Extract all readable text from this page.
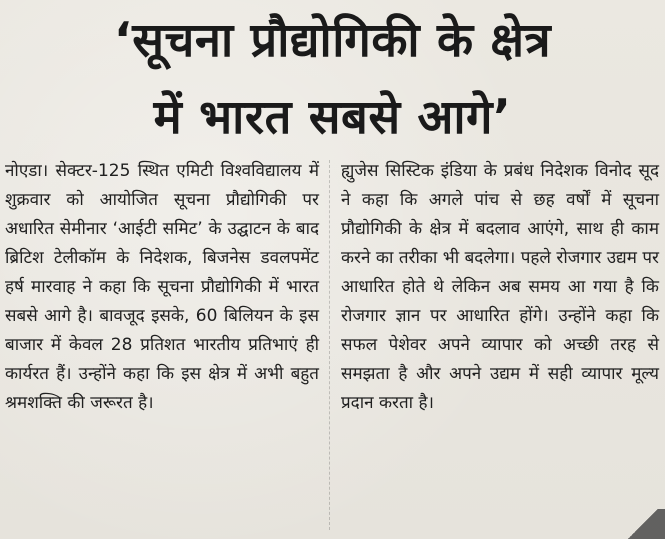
‘सूचना प्रौद्योगिकी के क्षेत्र
में भारत सबसे आगे’
नोएडा। सेक्टर-125 स्थित एमिटी विश्वविद्यालय में शुक्रवार को आयोजित सूचना प्रौद्योगिकी पर अधारित सेमीनार ‘आईटी समिट’ के उद्घाटन के बाद ब्रिटिश टेलीकॉम के निदेशक, बिजनेस डवलपमेंट हर्ष मारवाह ने कहा कि सूचना प्रौद्योगिकी में भारत सबसे आगे है। बावजूद इसके, 60 बिलियन के इस बाजार में केवल 28 प्रतिशत भारतीय प्रतिभाएं ही कार्यरत हैं। उन्होंने कहा कि इस क्षेत्र में अभी बहुत श्रमशक्ति की जरूरत है।
ह्युजेस सिस्टिक इंडिया के प्रबंध निदेशक विनोद सूद ने कहा कि अगले पांच से छह वर्षों में सूचना प्रौद्योगिकी के क्षेत्र में बदलाव आएंगे, साथ ही काम करने का तरीका भी बदलेगा। पहले रोजगार उद्यम पर आधारित होते थे लेकिन अब समय आ गया है कि रोजगार ज्ञान पर आधारित होंगे। उन्होंने कहा कि सफल पेशेवर अपने व्यापार को अच्छी तरह से समझता है और अपने उद्यम में सही व्यापार मूल्य प्रदान करता है।
